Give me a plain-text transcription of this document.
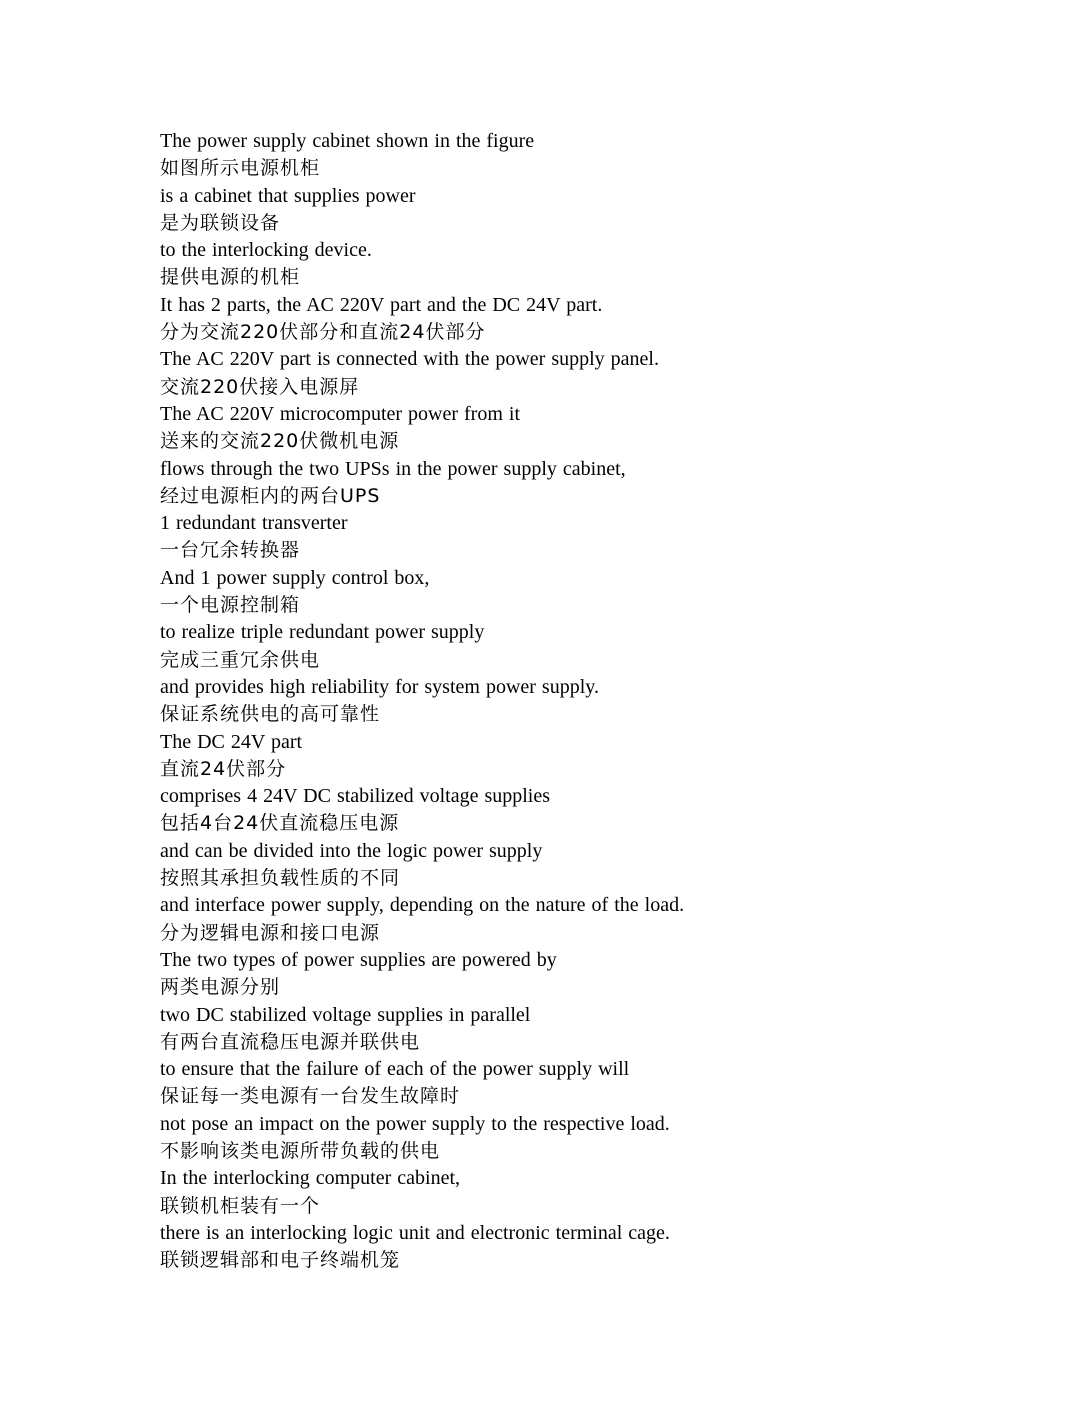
The power supply cabinet shown in the figure
如图所示电源机柜
is a cabinet that supplies power
是为联锁设备
to the interlocking device.
提供电源的机柜
It has 2 parts, the AC 220V part and the DC 24V part.
分为交流220伏部分和直流24伏部分
The AC 220V part is connected with the power supply panel.
交流220伏接入电源屏
The AC 220V microcomputer power from it
送来的交流220伏微机电源
flows through the two UPSs in the power supply cabinet,
经过电源柜内的两台UPS
1 redundant transverter
一台冗余转换器
And 1 power supply control box,
一个电源控制箱
to realize triple redundant power supply
完成三重冗余供电
and provides high reliability for system power supply.
保证系统供电的高可靠性
The DC 24V part
直流24伏部分
comprises 4 24V DC stabilized voltage supplies
包括4台24伏直流稳压电源
and can be divided into the logic power supply
按照其承担负载性质的不同
and interface power supply, depending on the nature of the load.
分为逻辑电源和接口电源
The two types of power supplies are powered by
两类电源分别
two DC stabilized voltage supplies in parallel
有两台直流稳压电源并联供电
to ensure that the failure of each of the power supply will
保证每一类电源有一台发生故障时
not pose an impact on the power supply to the respective load.
不影响该类电源所带负载的供电
In the interlocking computer cabinet,
联锁机柜装有一个
there is an interlocking logic unit and electronic terminal cage.
联锁逻辑部和电子终端机笼
